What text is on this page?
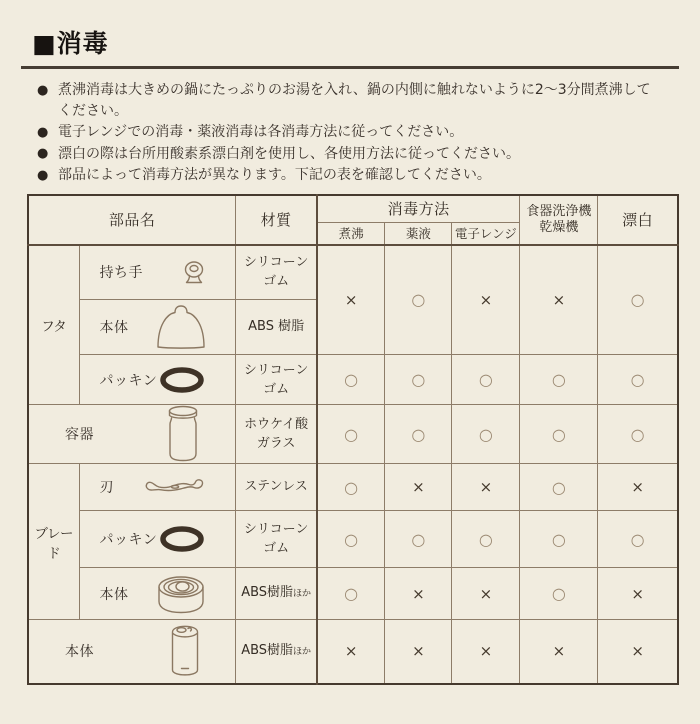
■消毒
● 煮沸消毒は大きめの鍋にたっぷりのお湯を入れ、鍋の内側に触れないように2〜3分間煮沸してください。
● 電子レンジでの消毒・薬液消毒は各消毒方法に従ってください。
● 漂白の際は台所用酸素系漂白剤を使用し、各使用方法に従ってください。
● 部品によって消毒方法が異なります。下記の表を確認してください。
部品名		材質	消毒方法			食器洗浄機
乾燥機	漂白
			煮沸	薬液	電子レンジ		
フタ	持ち手	シリコーン
ゴム	×	○	×	×	○

	本体	ABS 樹脂					

	パッキン	シリコーン
ゴム	○	○	○	○	○

容器		ホウケイ酸
ガラス	○	○	○	○	○
ブレード	刃	ステンレス	○	×	×	○	×

	パッキン	シリコーン
ゴム	○	○	○	○	○

	本体	ABS樹脂ほか	○	×	×	○	×

本体		ABS樹脂ほか	×	×	×	×	×
